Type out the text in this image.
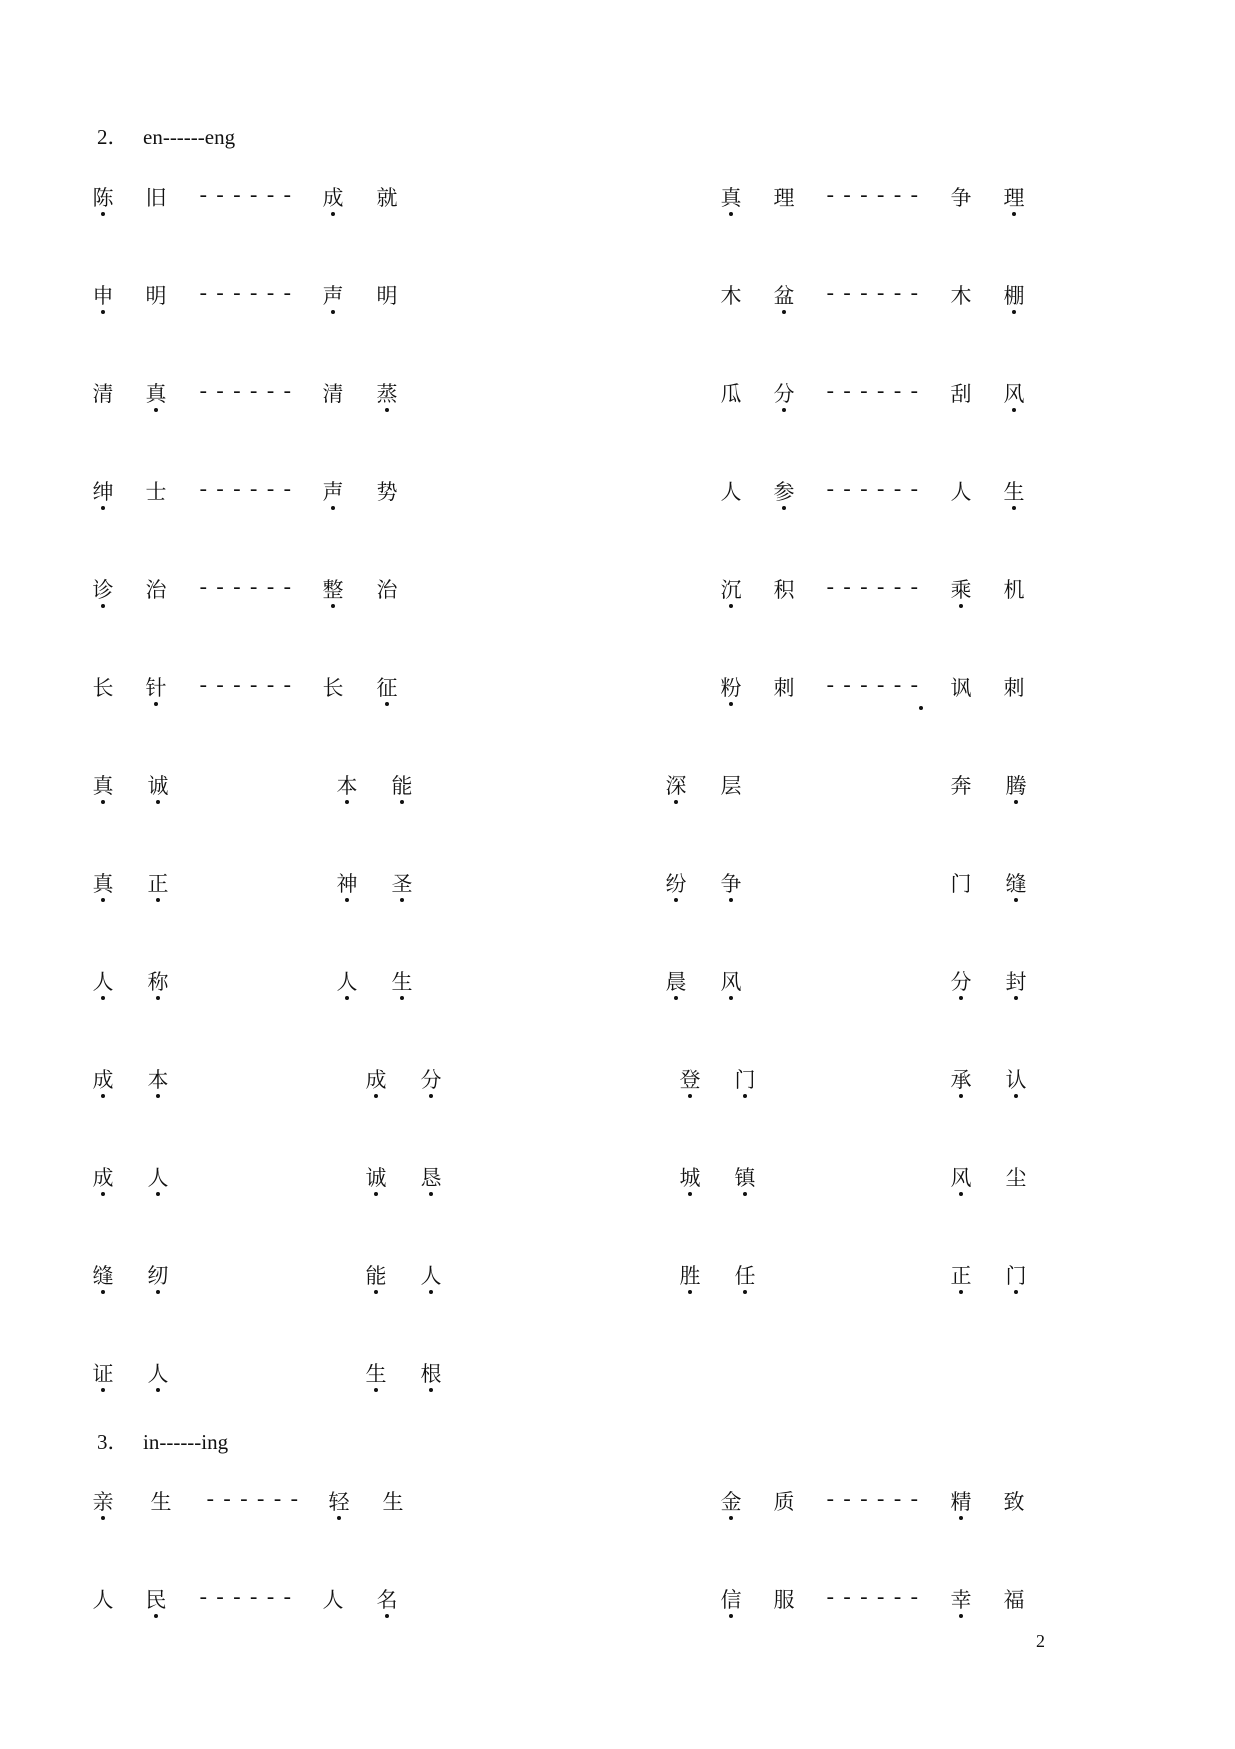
2． en------eng
陈 旧 ------ 成 就	真 理 ------ 争 理
申 明 ------ 声 明	木 盆 ------ 木 棚
清 真 ------ 清 蒸	瓜 分 ------ 刮 风
绅 士 ------ 声 势	人 参 ------ 人 生
诊 治 ------ 整 治	沉 积 ------ 乘 机
长 针 ------ 长 征	粉 刺 ------ 讽 刺
真 诚	本 能	深 层	奔 腾
真 正	神 圣	纷 争	门 缝
人 称	人 生	晨 风	分 封
成 本	成 分	登 门	承 认
成 人	诚 恳	城 镇	风 尘
缝 纫	能 人	胜 任	正 门
证 人	生 根
3． in------ing
亲 生 ------ 轻 生	金 质 ------ 精 致
人 民 ------ 人 名	信 服 ------ 幸 福
2
